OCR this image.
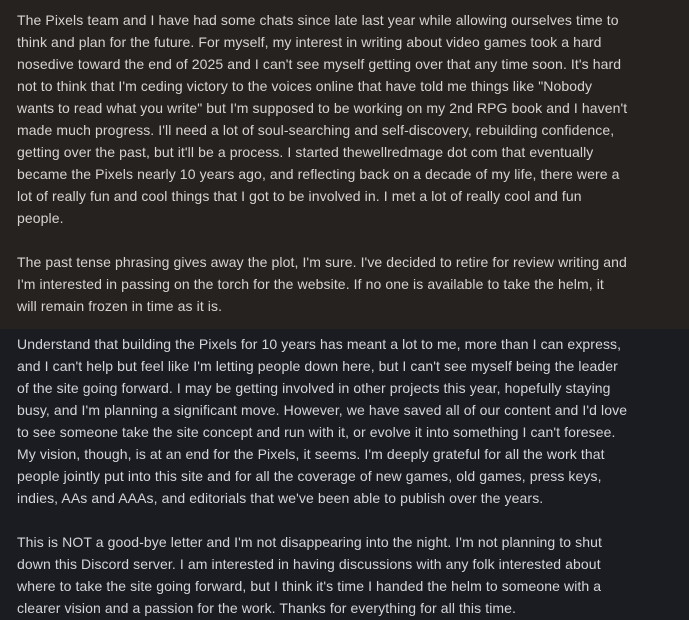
The Pixels team and I have had some chats since late last year while allowing ourselves time to
think and plan for the future. For myself, my interest in writing about video games took a hard
nosedive toward the end of 2025 and I can't see myself getting over that any time soon. It's hard
not to think that I'm ceding victory to the voices online that have told me things like "Nobody
wants to read what you write" but I'm supposed to be working on my 2nd RPG book and I haven't
made much progress. I'll need a lot of soul-searching and self-discovery, rebuilding confidence,
getting over the past, but it'll be a process. I started thewellredmage dot com that eventually
became the Pixels nearly 10 years ago, and reflecting back on a decade of my life, there were a
lot of really fun and cool things that I got to be involved in. I met a lot of really cool and fun
people.

The past tense phrasing gives away the plot, I'm sure. I've decided to retire for review writing and
I'm interested in passing on the torch for the website. If no one is available to take the helm, it
will remain frozen in time as it is.
Understand that building the Pixels for 10 years has meant a lot to me, more than I can express,
and I can't help but feel like I'm letting people down here, but I can't see myself being the leader
of the site going forward. I may be getting involved in other projects this year, hopefully staying
busy, and I'm planning a significant move. However, we have saved all of our content and I'd love
to see someone take the site concept and run with it, or evolve it into something I can't foresee.
My vision, though, is at an end for the Pixels, it seems. I'm deeply grateful for all the work that
people jointly put into this site and for all the coverage of new games, old games, press keys,
indies, AAs and AAAs, and editorials that we've been able to publish over the years.

This is NOT a good-bye letter and I'm not disappearing into the night. I'm not planning to shut
down this Discord server. I am interested in having discussions with any folk interested about
where to take the site going forward, but I think it's time I handed the helm to someone with a
clearer vision and a passion for the work. Thanks for everything for all this time.
